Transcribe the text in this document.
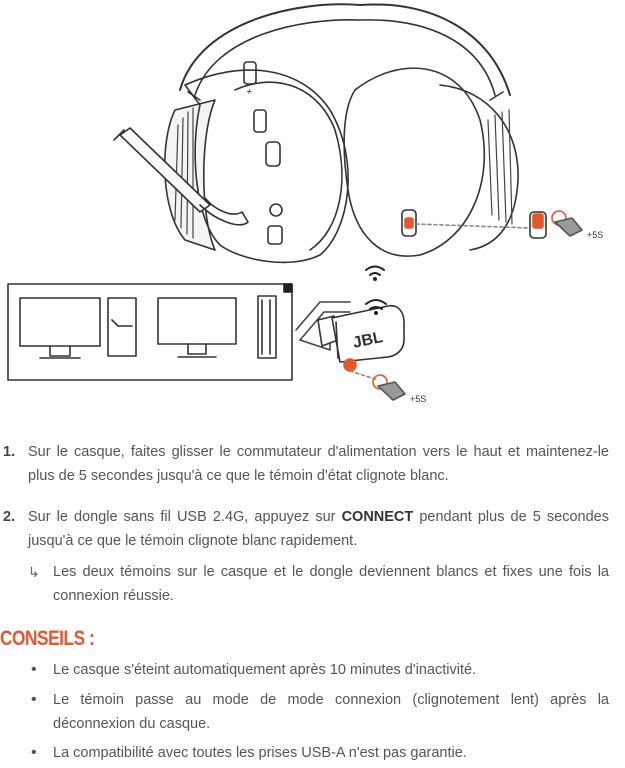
+ -
+5S
JBL
+5S
1. Sur le casque, faites glisser le commutateur d'alimentation vers le haut et maintenez-le plus de 5 secondes jusqu'à ce que le témoin d'état clignote blanc.

2. Sur le dongle sans fil USB 2.4G, appuyez sur CONNECT pendant plus de 5 secondes jusqu'à ce que le témoin clignote blanc rapidement.

↳ Les deux témoins sur le casque et le dongle deviennent blancs et fixes une fois la connexion réussie.

CONSEILS :
• Le casque s'éteint automatiquement après 10 minutes d'inactivité.

• Le témoin passe au mode de mode connexion (clignotement lent) après la déconnexion du casque.

• La compatibilité avec toutes les prises USB-A n'est pas garantie.
